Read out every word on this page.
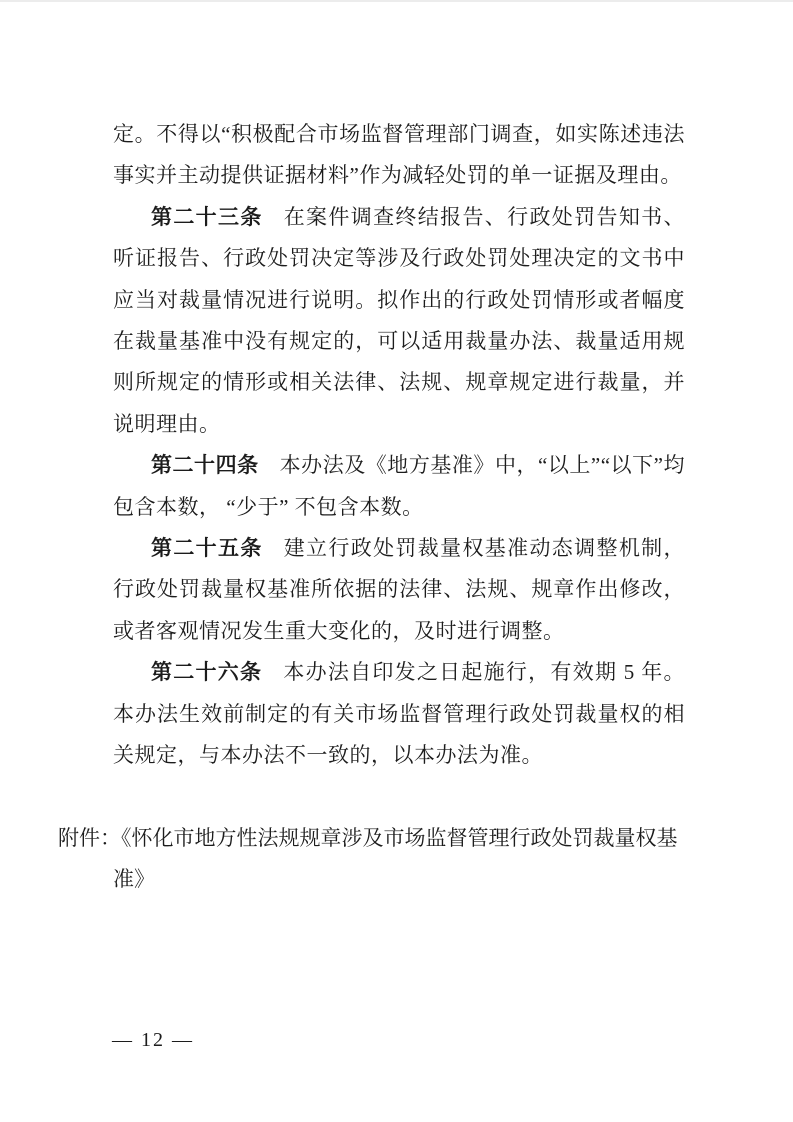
定。不得以“积极配合市场监督管理部门调查，如实陈述违法事实并主动提供证据材料”作为减轻处罚的单一证据及理由。

第二十三条 在案件调查终结报告、行政处罚告知书、听证报告、行政处罚决定等涉及行政处罚处理决定的文书中应当对裁量情况进行说明。拟作出的行政处罚情形或者幅度在裁量基准中没有规定的，可以适用裁量办法、裁量适用规则所规定的情形或相关法律、法规、规章规定进行裁量，并说明理由。

第二十四条 本办法及《地方基准》中，“以上”“以下”均包含本数， “少于” 不包含本数。

第二十五条 建立行政处罚裁量权基准动态调整机制，行政处罚裁量权基准所依据的法律、法规、规章作出修改，或者客观情况发生重大变化的，及时进行调整。

第二十六条 本办法自印发之日起施行，有效期 5 年。本办法生效前制定的有关市场监督管理行政处罚裁量权的相关规定，与本办法不一致的，以本办法为准。

附件：《怀化市地方性法规规章涉及市场监督管理行政处罚裁量权基准》

— 12 —
